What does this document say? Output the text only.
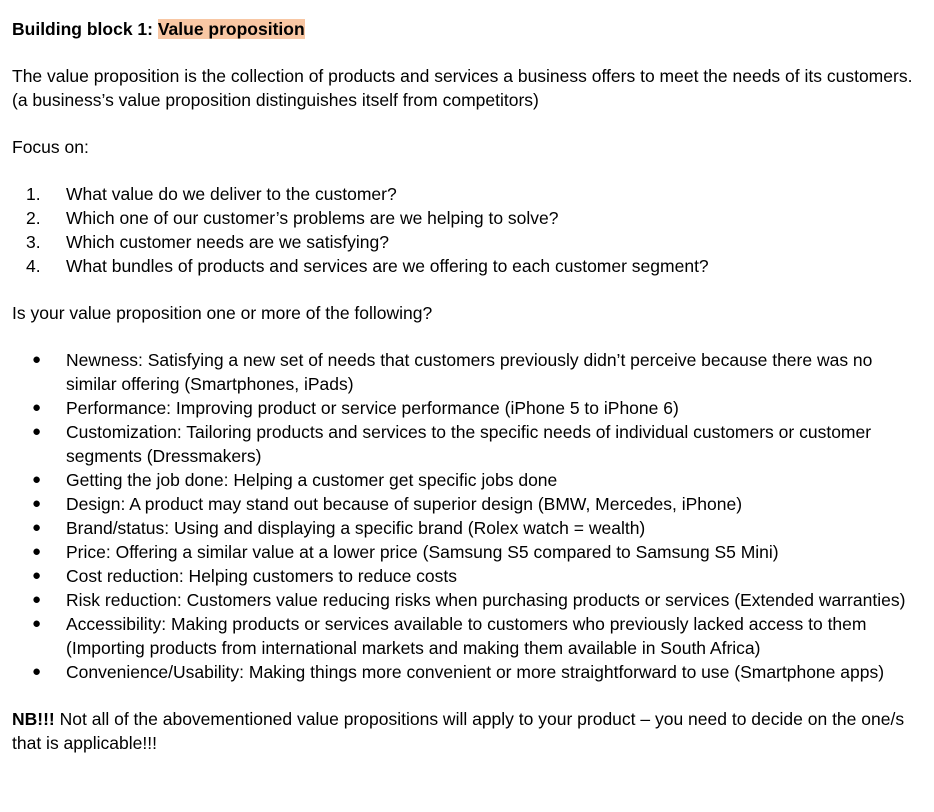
Building block 1: Value proposition

The value proposition is the collection of products and services a business offers to meet the needs of its customers. (a business’s value proposition distinguishes itself from competitors)

Focus on:

1. What value do we deliver to the customer?
2. Which one of our customer’s problems are we helping to solve?
3. Which customer needs are we satisfying?
4. What bundles of products and services are we offering to each customer segment?

Is your value proposition one or more of the following?

● Newness: Satisfying a new set of needs that customers previously didn’t perceive because there was no similar offering (Smartphones, iPads)
● Performance: Improving product or service performance (iPhone 5 to iPhone 6)
● Customization: Tailoring products and services to the specific needs of individual customers or customer segments (Dressmakers)
● Getting the job done: Helping a customer get specific jobs done
● Design: A product may stand out because of superior design (BMW, Mercedes, iPhone)
● Brand/status: Using and displaying a specific brand (Rolex watch = wealth)
● Price: Offering a similar value at a lower price (Samsung S5 compared to Samsung S5 Mini)
● Cost reduction: Helping customers to reduce costs
● Risk reduction: Customers value reducing risks when purchasing products or services (Extended warranties)
● Accessibility: Making products or services available to customers who previously lacked access to them (Importing products from international markets and making them available in South Africa)
● Convenience/Usability: Making things more convenient or more straightforward to use (Smartphone apps)

NB!!! Not all of the abovementioned value propositions will apply to your product – you need to decide on the one/s that is applicable!!!
